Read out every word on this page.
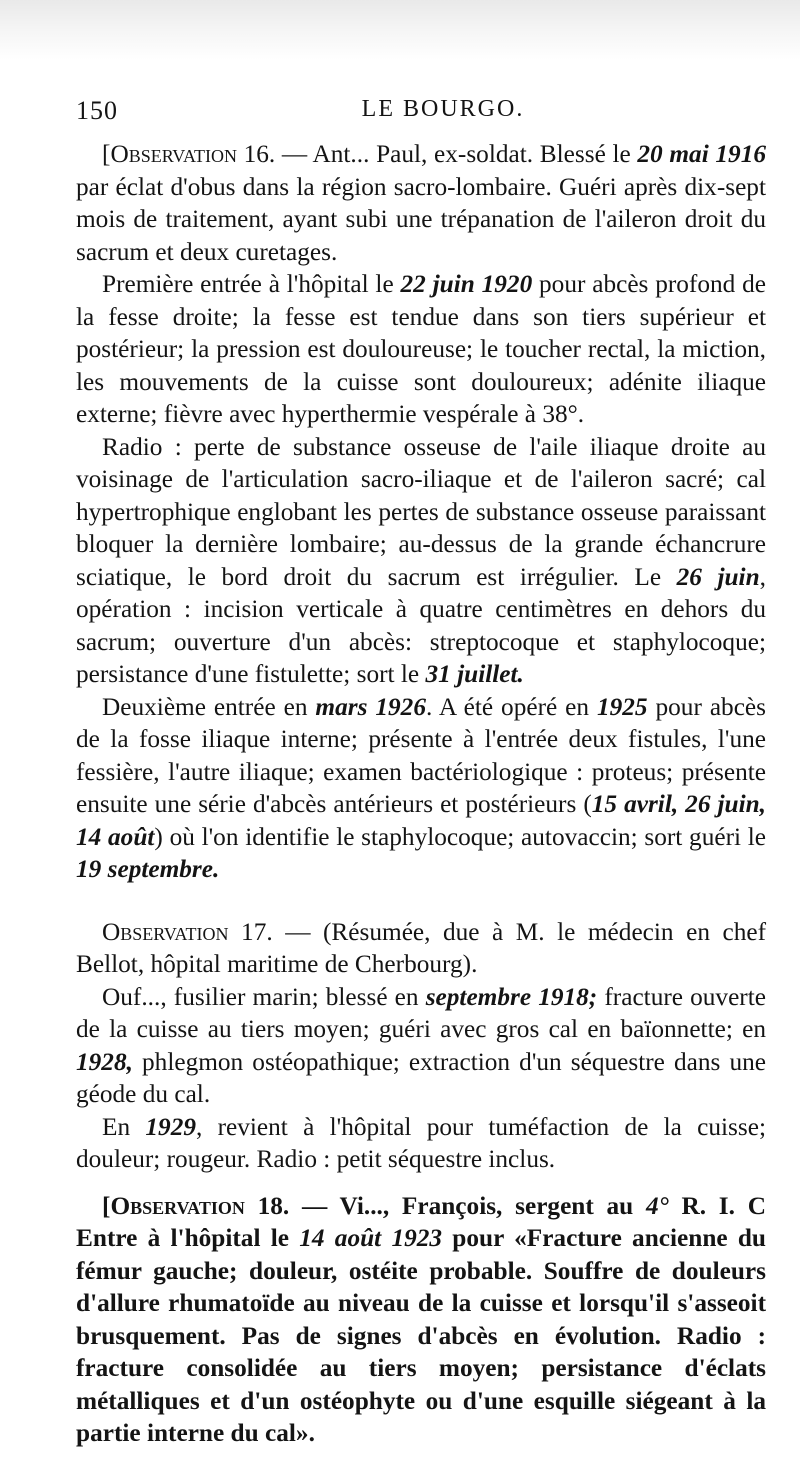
150	LE BOURGO.

[Observation 16. — Ant... Paul, ex-soldat. Blessé le 20 mai 1916 par éclat d'obus dans la région sacro-lombaire. Guéri après dix-sept mois de traitement, ayant subi une trépanation de l'aileron droit du sacrum et deux curetages.

Première entrée à l'hôpital le 22 juin 1920 pour abcès profond de la fesse droite; la fesse est tendue dans son tiers supérieur et postérieur; la pression est douloureuse; le toucher rectal, la miction, les mouvements de la cuisse sont douloureux; adénite iliaque externe; fièvre avec hyperthermie vespérale à 38°.

Radio : perte de substance osseuse de l'aile iliaque droite au voisinage de l'articulation sacro-iliaque et de l'aileron sacré; cal hypertrophique englobant les pertes de substance osseuse paraissant bloquer la dernière lombaire; au-dessus de la grande échancrure sciatique, le bord droit du sacrum est irrégulier. Le 26 juin, opération : incision verticale à quatre centimètres en dehors du sacrum; ouverture d'un abcès: streptocoque et staphylocoque; persistance d'une fistulette; sort le 31 juillet.

Deuxième entrée en mars 1926. A été opéré en 1925 pour abcès de la fosse iliaque interne; présente à l'entrée deux fistules, l'une fessière, l'autre iliaque; examen bactériologique : proteus; présente ensuite une série d'abcès antérieurs et postérieurs (15 avril, 26 juin, 14 août) où l'on identifie le staphylocoque; autovaccin; sort guéri le 19 septembre.

Observation 17. — (Résumée, due à M. le médecin en chef Bellot, hôpital maritime de Cherbourg).

Ouf..., fusilier marin; blessé en septembre 1918; fracture ouverte de la cuisse au tiers moyen; guéri avec gros cal en baïonnette; en 1928, phlegmon ostéopathique; extraction d'un séquestre dans une géode du cal.

En 1929, revient à l'hôpital pour tuméfaction de la cuisse; douleur; rougeur. Radio : petit séquestre inclus.

[Observation 18. — Vi..., François, sergent au 4° R. I. C Entre à l'hôpital le 14 août 1923 pour «Fracture ancienne du fémur gauche; douleur, ostéite probable. Souffre de douleurs d'allure rhumatoïde au niveau de la cuisse et lorsqu'il s'asseoit brusquement. Pas de signes d'abcès en évolution. Radio : fracture consolidée au tiers moyen; persistance d'éclats métalliques et d'un ostéophyte ou d'une esquille siégeant à la partie interne du cal».
